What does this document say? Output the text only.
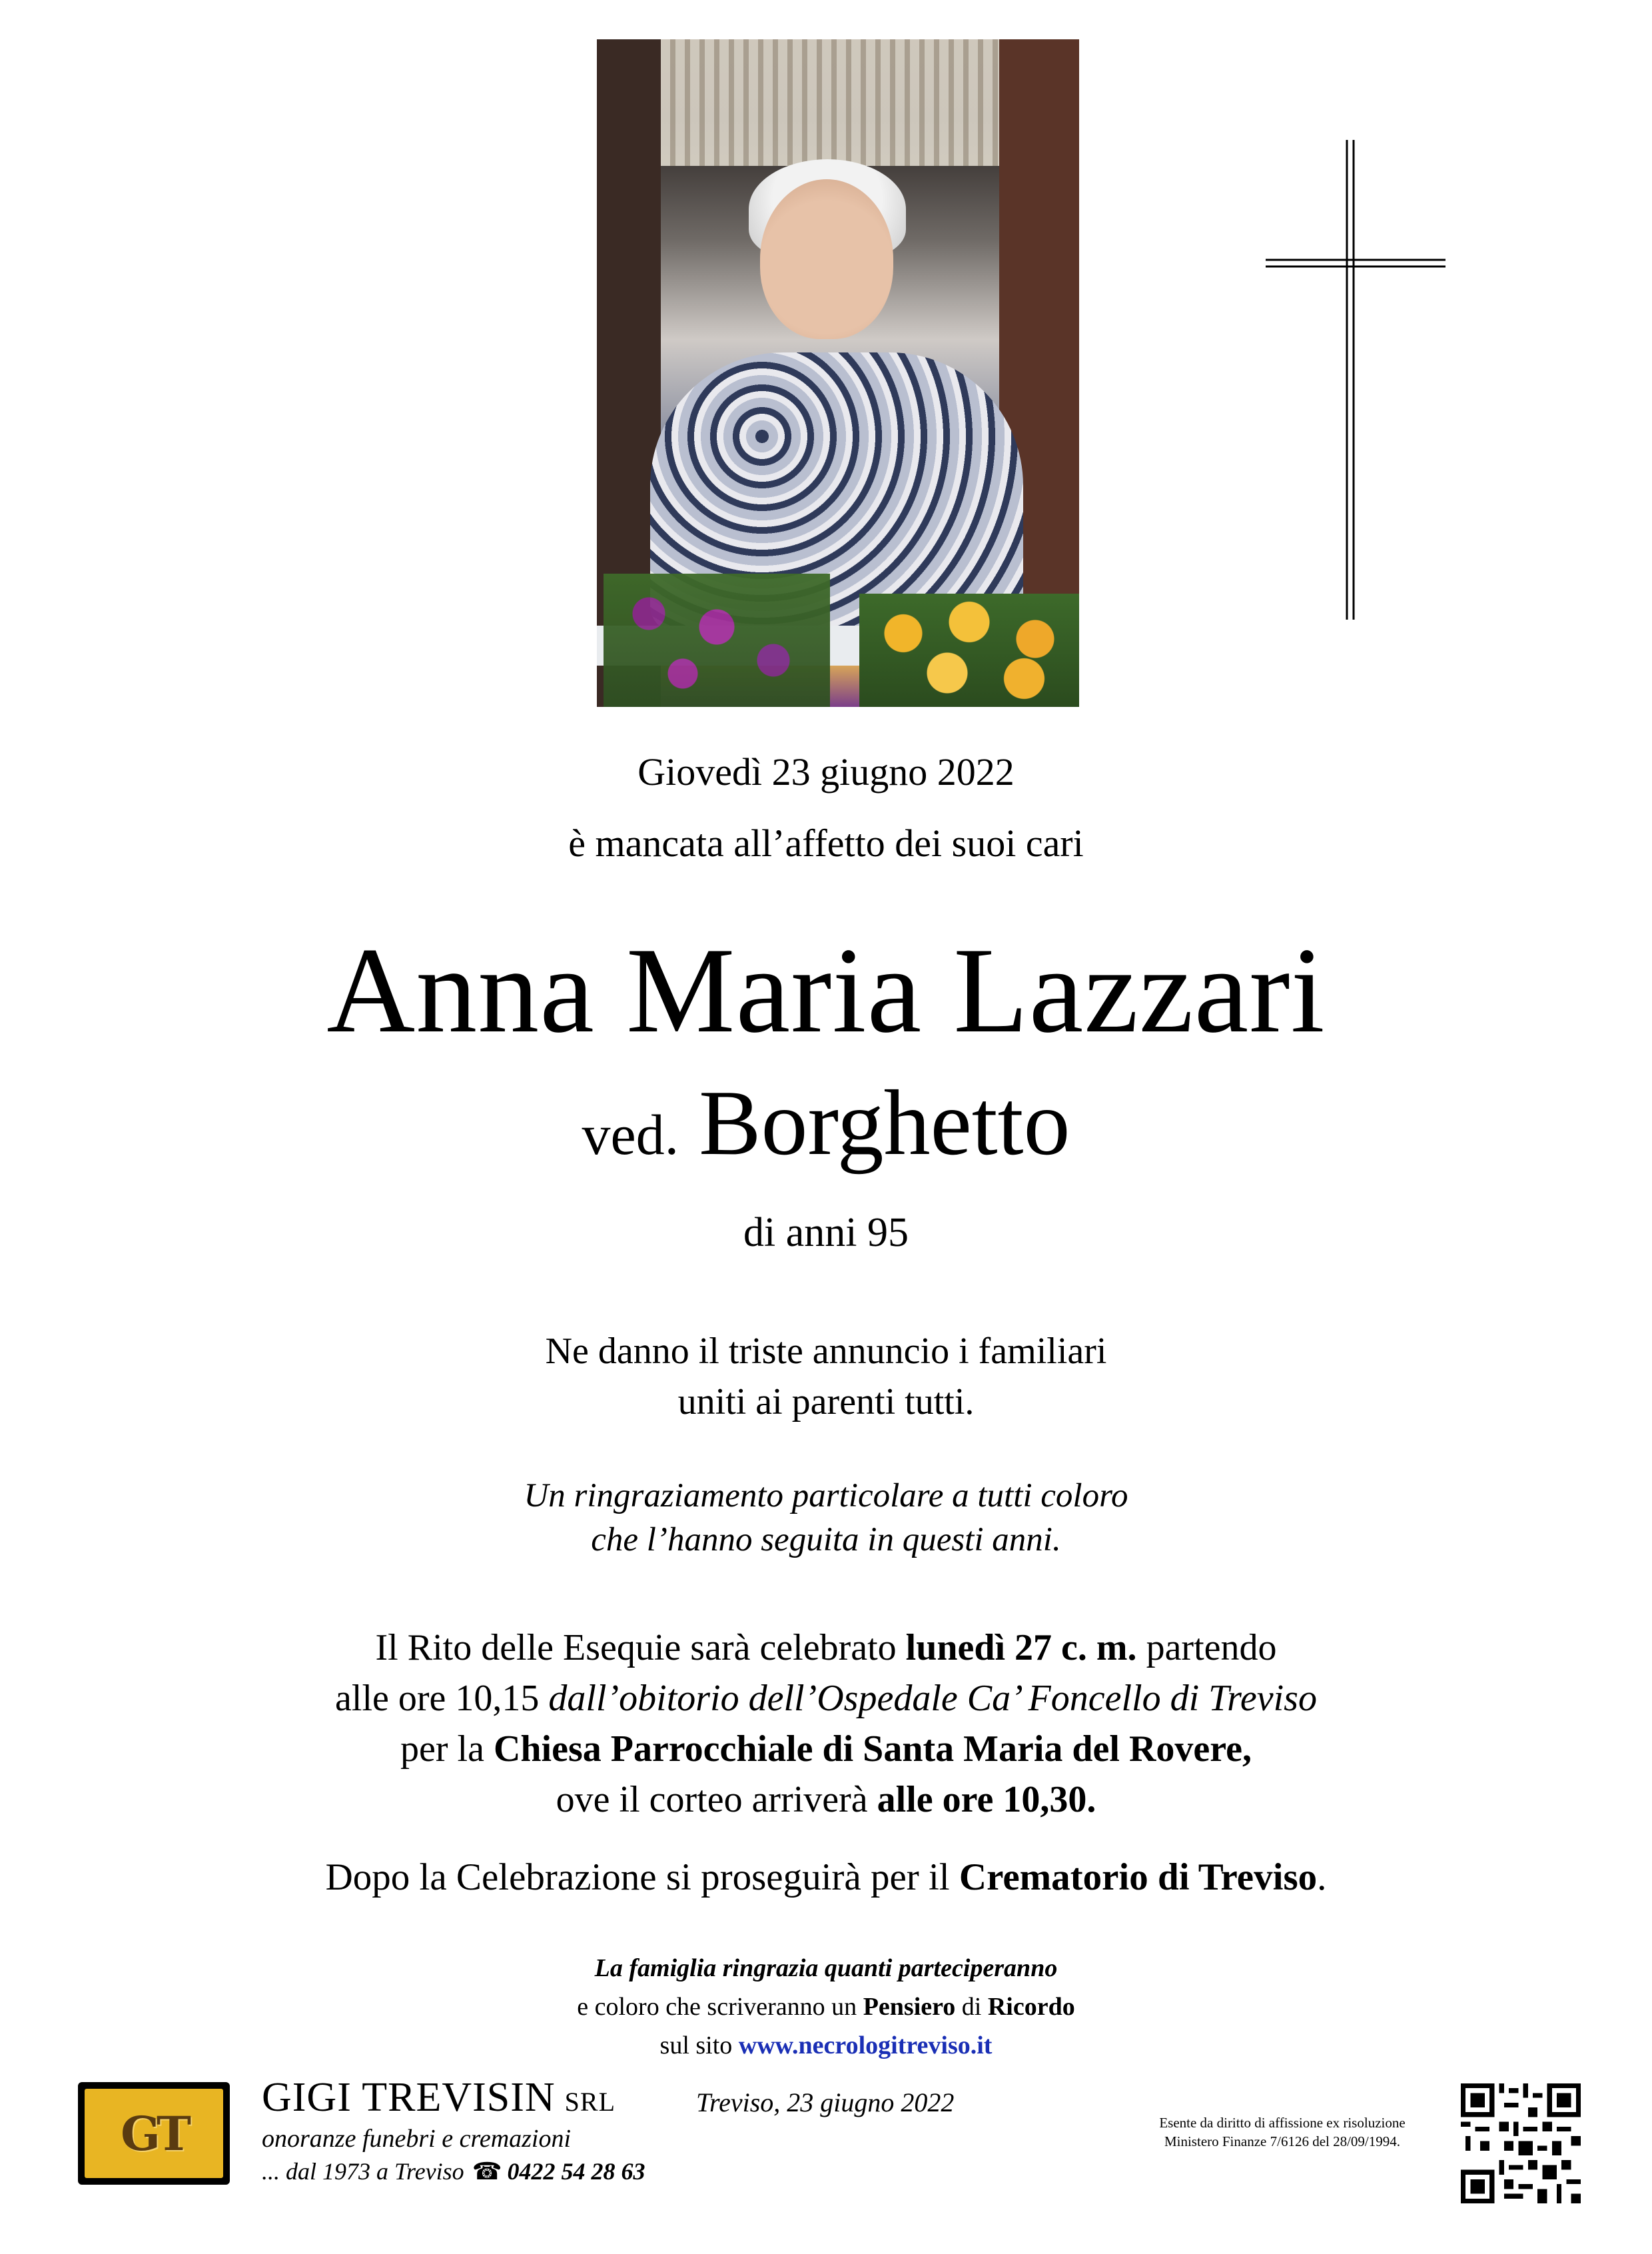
Giovedì 23 giugno 2022
è mancata all’affetto dei suoi cari
Anna Maria Lazzari
ved. Borghetto
di anni 95
Ne danno il triste annuncio i familiari
uniti ai parenti tutti.
Un ringraziamento particolare a tutti coloro
che l’hanno seguita in questi anni.
Il Rito delle Esequie sarà celebrato lunedì 27 c. m. partendo
alle ore 10,15 dall’obitorio dell’Ospedale Ca’ Foncello di Treviso
per la Chiesa Parrocchiale di Santa Maria del Rovere,
ove il corteo arriverà alle ore 10,30.
Dopo la Celebrazione si proseguirà per il Crematorio di Treviso.
La famiglia ringrazia quanti parteciperanno
e coloro che scriveranno un Pensiero di Ricordo
sul sito www.necrologitreviso.it
GT
GIGI TREVISIN SRL
onoranze funebri e cremazioni
... dal 1973 a Treviso ☎ 0422 54 28 63
Treviso, 23 giugno 2022
Esente da diritto di affissione ex risoluzione
Ministero Finanze 7/6126 del 28/09/1994.
